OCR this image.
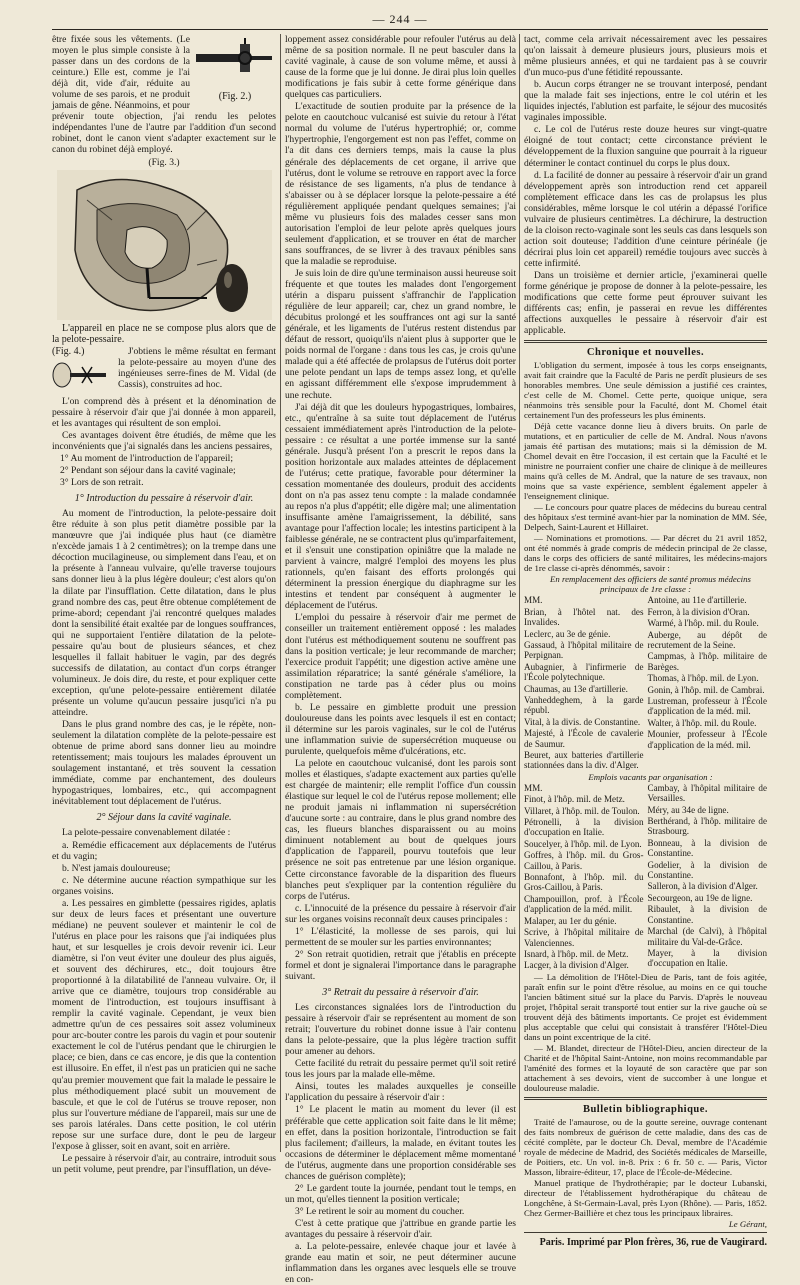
— 244 —
(Fig. 2.)

être fixée sous les vêtements. (Le moyen le plus simple consiste à la passer dans un des cordons de la ceinture.) Elle est, comme je l'ai déjà dit, vide d'air, réduite au volume de ses parois, et ne produit jamais de gêne. Néanmoins, et pour prévenir toute objection, j'ai rendu les pelotes indépendantes l'une de l'autre par l'addition d'un second robinet, dont le canon vient s'adapter exactement sur le canon du robinet déjà employé.

(Fig. 3.)

L'appareil en place ne se compose plus alors que de la pelote-pessaire.

(Fig. 4.)	J'obtiens le même résultat en fermant la pelote-pessaire au moyen d'une des ingénieuses serre-fines de M. Vidal (de Cassis), construites ad hoc.

L'on comprend dès à présent et la dénomination de pessaire à réservoir d'air que j'ai donnée à mon appareil, et les avantages qui résultent de son emploi.

Ces avantages doivent être étudiés, de même que les inconvénients que j'ai signalés dans les anciens pessaires,

1° Au moment de l'introduction de l'appareil;

2° Pendant son séjour dans la cavité vaginale;

3° Lors de son retrait.

1° Introduction du pessaire à réservoir d'air.

Au moment de l'introduction, la pelote-pessaire doit être réduite à son plus petit diamètre possible par la manœuvre que j'ai indiquée plus haut (ce diamètre n'excède jamais 1 à 2 centimètres); on la trempe dans une décoction mucilagineuse, ou simplement dans l'eau, et on la présente à l'anneau vulvaire, qu'elle traverse toujours sans donner lieu à la plus légère douleur; c'est alors qu'on la dilate par l'insufflation. Cette dilatation, dans le plus grand nombre des cas, peut être obtenue complétement de prime-abord; cependant j'ai rencontré quelques malades dont la sensibilité était exaltée par de longues souffrances, qui ne supportaient l'entière dilatation de la pelote-pessaire qu'au bout de plusieurs séances, et chez lesquelles il fallait habituer le vagin, par des degrés successifs de dilatation, au contact d'un corps étranger volumineux. Je dois dire, du reste, et pour expliquer cette exception, qu'une pelote-pessaire entièrement dilatée présente un volume qu'aucun pessaire jusqu'ici n'a pu atteindre.

Dans le plus grand nombre des cas, je le répète, non-seulement la dilatation complète de la pelote-pessaire est obtenue de prime abord sans donner lieu au moindre retentissement; mais toujours les malades éprouvent un soulagement instantané, et très souvent la cessation immédiate, comme par enchantement, des douleurs hypogastriques, lombaires, etc., qui accompagnent inévitablement tout déplacement de l'utérus.

2° Séjour dans la cavité vaginale.

La pelote-pessaire convenablement dilatée :

a. Remédie efficacement aux déplacements de l'utérus et du vagin;

b. N'est jamais douloureuse;

c. Ne détermine aucune réaction sympathique sur les organes voisins.

a. Les pessaires en gimblette (pessaires rigides, aplatis sur deux de leurs faces et présentant une ouverture médiane) ne peuvent soulever et maintenir le col de l'utérus en place pour les raisons que j'ai indiquées plus haut, et sur lesquelles je crois devoir revenir ici. Leur diamètre, si l'on veut éviter une douleur des plus aiguës, et souvent des déchirures, etc., doit toujours être proportionné à la dilatabilité de l'anneau vulvaire. Or, il arrive que ce diamètre, toujours trop considérable au moment de l'introduction, est toujours insuffisant à remplir la cavité vaginale. Cependant, je veux bien admettre qu'un de ces pessaires soit assez volumineux pour arc-bouter contre les parois du vagin et pour soutenir exactement le col de l'utérus pendant que le chirurgien le place; ce bien, dans ce cas encore, je dis que la contention est illusoire. En effet, il n'est pas un praticien qui ne sache qu'au premier mouvement que fait la malade le pessaire le plus méthodiquement placé subit un mouvement de bascule, et que le col de l'utérus se trouve reposer, non plus sur l'ouverture médiane de l'appareil, mais sur une de ses parois latérales. Dans cette position, le col utérin repose sur une surface dure, dont le peu de largeur l'expose à glisser, soit en avant, soit en arrière.

Le pessaire à réservoir d'air, au contraire, introduit sous un petit volume, peut prendre, par l'insufflation, un déve-

loppement assez considérable pour refouler l'utérus au delà même de sa position normale. Il ne peut basculer dans la cavité vaginale, à cause de son volume même, et aussi à cause de la forme que je lui donne. Je dirai plus loin quelles modifications je fais subir à cette forme générique dans quelques cas particuliers.

L'exactitude de soutien produite par la présence de la pelote en caoutchouc vulcanisé est suivie du retour à l'état normal du volume de l'utérus hypertrophié; or, comme l'hypertrophie, l'engorgement est non pas l'effet, comme on l'a dit dans ces derniers temps, mais la cause la plus générale des déplacements de cet organe, il arrive que l'utérus, dont le volume se retrouve en rapport avec la force de résistance de ses ligaments, n'a plus de tendance à s'abaisser ou à se déplacer lorsque la pelote-pessaire a été régulièrement appliquée pendant quelques semaines; j'ai même vu plusieurs fois des malades cesser sans mon autorisation l'emploi de leur pelote après quelques jours seulement d'application, et se trouver en état de marcher sans souffrances, de se livrer à des travaux pénibles sans que la maladie se reproduise.

Je suis loin de dire qu'une terminaison aussi heureuse soit fréquente et que toutes les malades dont l'engorgement utérin a disparu puissent s'affranchir de l'application régulière de leur appareil; car, chez un grand nombre, le décubitus prolongé et les souffrances ont agi sur la santé générale, et les ligaments de l'utérus restent distendus par défaut de ressort, quoiqu'ils n'aient plus à supporter que le poids normal de l'organe : dans tous les cas, je crois qu'une malade qui a été affectée de prolapsus de l'utérus doit porter une pelote pendant un laps de temps assez long, et qu'elle en agissant différemment elle s'expose imprudemment à une rechute.

J'ai déjà dit que les douleurs hypogastriques, lombaires, etc., qu'entraîne à sa suite tout déplacement de l'utérus cessaient immédiatement après l'introduction de la pelote-pessaire : ce résultat a une portée immense sur la santé générale. Jusqu'à présent l'on a prescrit le repos dans la position horizontale aux malades atteintes de déplacement de l'utérus; cette pratique, favorable pour déterminer la cessation momentanée des douleurs, produit des accidents dont on n'a pas assez tenu compte : la malade condamnée au repos n'a plus d'appétit; elle digère mal; une alimentation insuffisante amène l'amaigrissement, la débilité, sans avantage pour l'affection locale; les intestins participent à la faiblesse générale, ne se contractent plus qu'imparfaitement, et il s'ensuit une constipation opiniâtre que la malade ne parvient à vaincre, malgré l'emploi des moyens les plus rationnels, qu'en faisant des efforts prolongés qui déterminent la pression énergique du diaphragme sur les intestins et tendent par conséquent à augmenter le déplacement de l'utérus.

L'emploi du pessaire à réservoir d'air me permet de conseiller un traitement entièrement opposé : les malades dont l'utérus est méthodiquement soutenu ne souffrent pas dans la position verticale; je leur recommande de marcher; l'exercice produit l'appétit; une digestion active amène une assimilation réparatrice; la santé générale s'améliore, la constipation ne tarde pas à céder plus ou moins complètement.

b. Le pessaire en gimblette produit une pression douloureuse dans les points avec lesquels il est en contact; il détermine sur les parois vaginales, sur le col de l'utérus une inflammation suivie de supersécrétion muqueuse ou purulente, quelquefois même d'ulcérations, etc.

La pelote en caoutchouc vulcanisé, dont les parois sont molles et élastiques, s'adapte exactement aux parties qu'elle est chargée de maintenir; elle remplit l'office d'un coussin élastique sur lequel le col de l'utérus repose mollement; elle ne produit jamais ni inflammation ni supersécrétion d'aucune sorte : au contraire, dans le plus grand nombre des cas, les flueurs blanches disparaissent ou au moins diminuent notablement au bout de quelques jours d'application de l'appareil, pourvu toutefois que leur présence ne soit pas entretenue par une lésion organique. Cette circonstance favorable de la disparition des flueurs blanches peut s'expliquer par la contention régulière du corps de l'utérus.

c. L'innocuité de la présence du pessaire à réservoir d'air sur les organes voisins reconnaît deux causes principales :

1° L'élasticité, la mollesse de ses parois, qui lui permettent de se mouler sur les parties environnantes;

2° Son retrait quotidien, retrait que j'établis en précepte formel et dont je signalerai l'importance dans le paragraphe suivant.

3° Retrait du pessaire à réservoir d'air.

Les circonstances signalées lors de l'introduction du pessaire à réservoir d'air se représentent au moment de son retrait; l'ouverture du robinet donne issue à l'air contenu dans la pelote-pessaire, que la plus légère traction suffit pour amener au dehors.

Cette facilité du retrait du pessaire permet qu'il soit retiré tous les jours par la malade elle-même.

Ainsi, toutes les malades auxquelles je conseille l'application du pessaire à réservoir d'air :

1° Le placent le matin au moment du lever (il est préférable que cette application soit faite dans le lit même; en effet, dans la position horizontale, l'introduction se fait plus facilement; d'ailleurs, la malade, en évitant toutes les occasions de déterminer le déplacement même momentané de l'utérus, augmente dans une proportion considérable ses chances de guérison complète);

2° Le gardent toute la journée, pendant tout le temps, en un mot, qu'elles tiennent la position verticale;

3° Le retirent le soir au moment du coucher.

C'est à cette pratique que j'attribue en grande partie les avantages du pessaire à réservoir d'air.

a. La pelote-pessaire, enlevée chaque jour et lavée à grande eau matin et soir, ne peut déterminer aucune inflammation dans les organes avec lesquels elle se trouve en con-

tact, comme cela arrivait nécessairement avec les pessaires qu'on laissait à demeure plusieurs jours, plusieurs mois et même plusieurs années, et qui ne tardaient pas à se couvrir d'un muco-pus d'une fétidité repoussante.

b. Aucun corps étranger ne se trouvant interposé, pendant que la malade fait ses injections, entre le col utérin et les liquides injectés, l'ablution est parfaite, le séjour des mucosités vaginales impossible.

c. Le col de l'utérus reste douze heures sur vingt-quatre éloigné de tout contact; cette circonstance prévient le développement de la fluxion sanguine que pourrait à la rigueur déterminer le contact continuel du corps le plus doux.

d. La facilité de donner au pessaire à réservoir d'air un grand développement après son introduction rend cet appareil complètement efficace dans les cas de prolapsus les plus considérables, même lorsque le col utérin a dépassé l'orifice vulvaire de plusieurs centimètres. La déchirure, la destruction de la cloison recto-vaginale sont les seuls cas dans lesquels son action soit douteuse; l'addition d'une ceinture périnéale (je décrirai plus loin cet appareil) remédie toujours avec succès à cette infirmité.

Dans un troisième et dernier article, j'examinerai quelle forme générique je propose de donner à la pelote-pessaire, les modifications que cette forme peut éprouver suivant les différents cas; enfin, je passerai en revue les différentes affections auxquelles le pessaire à réservoir d'air est applicable.

Chronique et nouvelles.

L'obligation du serment, imposée à tous les corps enseignants, avait fait craindre que la Faculté de Paris ne perdît plusieurs de ses honorables membres. Une seule démission a justifié ces craintes, c'est celle de M. Chomel. Cette perte, quoique unique, sera néanmoins très sensible pour la Faculté, dont M. Chomel était certainement l'un des professeurs les plus éminents.

Déjà cette vacance donne lieu à divers bruits. On parle de mutations, et en particulier de celle de M. Andral. Nous n'avons jamais été partisan des mutations; mais si la démission de M. Chomel devait en être l'occasion, il est certain que la Faculté et le ministre ne pourraient confier une chaire de clinique à de meilleures mains qu'à celles de M. Andral, que la nature de ses travaux, non moins que sa vaste expérience, semblent également appeler à l'enseignement clinique.

— Le concours pour quatre places de médecins du bureau central des hôpitaux s'est terminé avant-hier par la nomination de MM. Sée, Delpech, Saint-Laurent et Hillairet.

— Nominations et promotions. — Par décret du 21 avril 1852, ont été nommés à grade compris de médecin principal de 2e classe, dans le corps des officiers de santé militaires, les médecins-majors de 1re classe ci-après dénommés, savoir :

En remplacement des officiers de santé promus médecins principaux de 1re classe :

MM.
Brian, à l'hôtel nat. des Invalides.
Leclerc, au 3e de génie.
Gassaud, à l'hôpital militaire de Perpignan.
Aubagnier, à l'infirmerie de l'École polytechnique.
Chaumas, au 13e d'artillerie.
Vanheddeghem, à la garde républ.
Vital, à la divis. de Constantine.
Majesté, à l'École de cavalerie de Saumur.
Beuret, aux batteries d'artillerie stationnées dans la div. d'Alger.
Antoine, au 11e d'artillerie.
Ferron, à la division d'Oran.
Warmé, à l'hôp. mil. du Roule.
Auberge, au dépôt de recrutement de la Seine.
Campmas, à l'hôp. militaire de Barèges.
Thomas, à l'hôp. mil. de Lyon.
Gonin, à l'hôp. mil. de Cambrai.
Lustreman, professeur à l'École d'application de la méd. mil.
Walter, à l'hôp. mil. du Roule.
Mounier, professeur à l'École d'application de la méd. mil.

Emplois vacants par organisation :

MM.
Finot, à l'hôp. mil. de Metz.
Villaret, à l'hôp. mil. de Toulon.
Pétronelli, à la division d'occupation en Italie.
Soucelyer, à l'hôp. mil. de Lyon.
Goffres, à l'hôp. mil. du Gros-Caillou, à Paris.
Bonnafont, à l'hôp. mil. du Gros-Caillou, à Paris.
Champouillon, prof. à l'École d'application de la méd. milit.
Malaper, au 1er du génie.
Scrive, à l'hôpital militaire de Valenciennes.
Isnard, à l'hôp. mil. de Metz.
Lacger, à la division d'Alger.
Cambay, à l'hôpital militaire de Versailles.
Méry, au 34e de ligne.
Berthérand, à l'hôp. militaire de Strasbourg.
Bonneau, à la division de Constantine.
Godelier, à la division de Constantine.
Salleron, à la division d'Alger.
Secourgeon, au 19e de ligne.
Ribaulet, à la division de Constantine.
Marchal (de Calvi), à l'hôpital militaire du Val-de-Grâce.
Mayer, à la division d'occupation en Italie.

— La démolition de l'Hôtel-Dieu de Paris, tant de fois agitée, paraît enfin sur le point d'être résolue, au moins en ce qui touche l'ancien bâtiment situé sur la place du Parvis. D'après le nouveau projet, l'hôpital serait transporté tout entier sur la rive gauche où se trouvent déjà des bâtiments importants. Ce projet est évidemment plus acceptable que celui qui consistait à transférer l'Hôtel-Dieu dans un point excentrique de la cité.

— M. Blandet, directeur de l'Hôtel-Dieu, ancien directeur de la Charité et de l'hôpital Saint-Antoine, non moins recommandable par l'aménité des formes et la loyauté de son caractère que par son attachement à ses devoirs, vient de succomber à une longue et douloureuse maladie.

Bulletin bibliographique.

Traité de l'amaurose, ou de la goutte sereine, ouvrage contenant des faits nombreux de guérison de cette maladie, dans des cas de cécité complète, par le docteur Ch. Deval, membre de l'Académie royale de médecine de Madrid, des Sociétés médicales de Marseille, de Poitiers, etc. Un vol. in-8. Prix : 6 fr. 50 c. — Paris, Victor Masson, libraire-éditeur, 17, place de l'École-de-Médecine.

Manuel pratique de l'hydrothérapie; par le docteur Lubanski, directeur de l'établissement hydrothérapique du château de Longchêne, à St-Germain-Laval, près Lyon (Rhône). — Paris, 1852. Chez Germer-Baillière et chez tous les principaux libraires.

Le Gérant,
Paris. Imprimé par Plon frères, 36, rue de Vaugirard.
